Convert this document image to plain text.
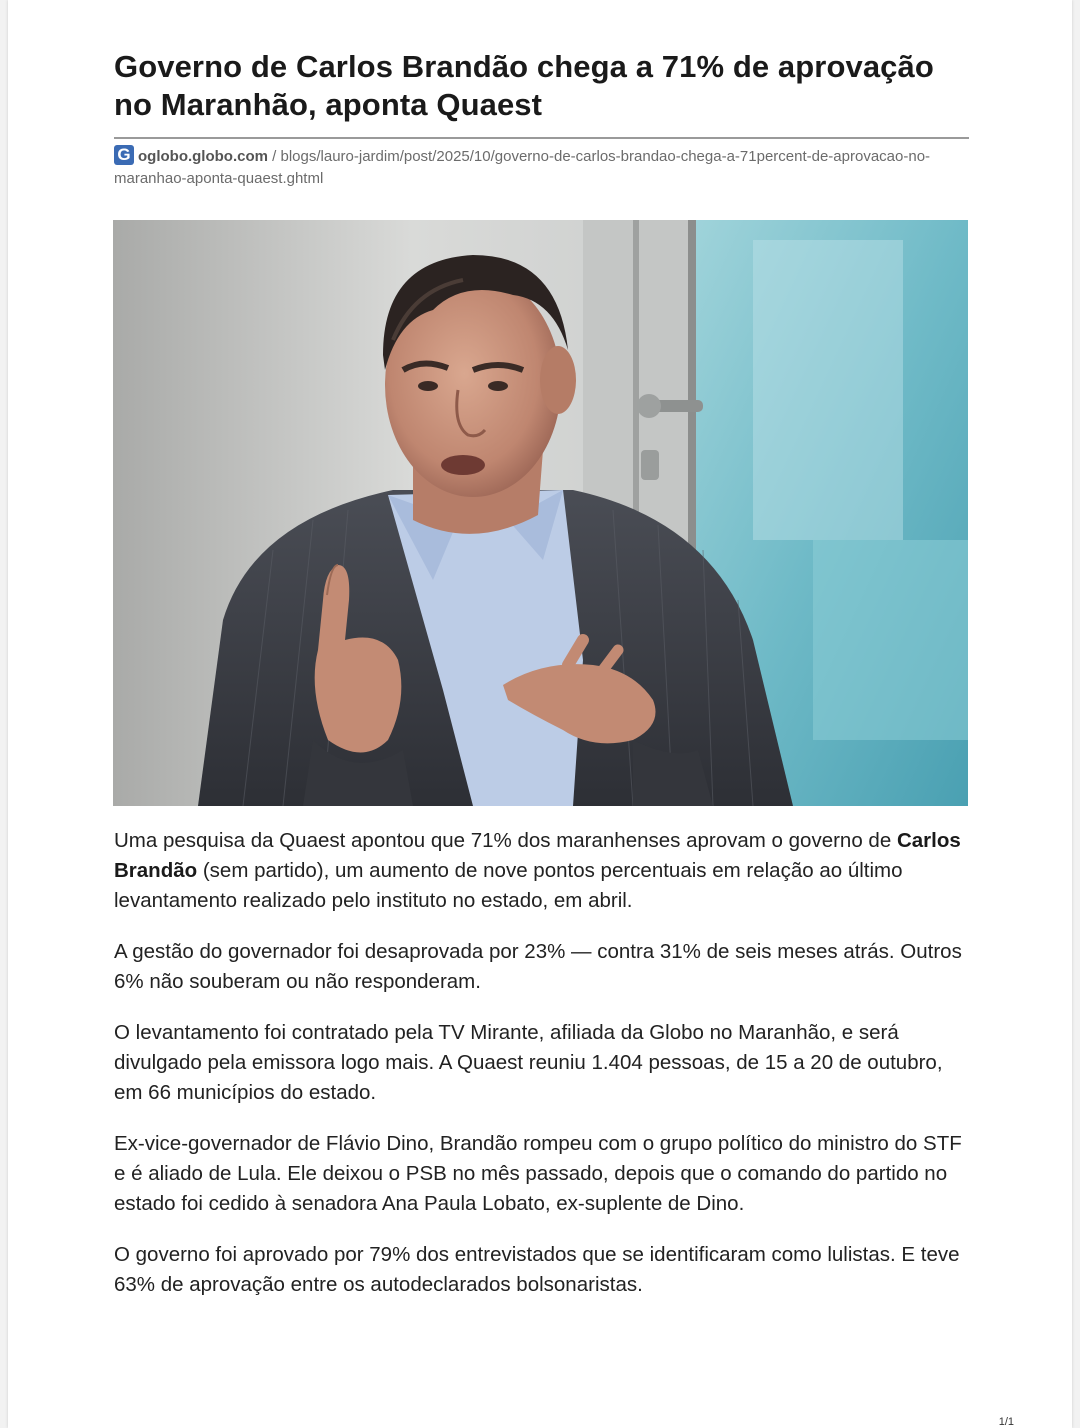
Governo de Carlos Brandão chega a 71% de aprovação no Maranhão, aponta Quaest
G oglobo.globo.com / blogs/lauro-jardim/post/2025/10/governo-de-carlos-brandao-chega-a-71percent-de-aprovacao-no-maranhao-aponta-quaest.ghtml

Uma pesquisa da Quaest apontou que 71% dos maranhenses aprovam o governo de Carlos Brandão (sem partido), um aumento de nove pontos percentuais em relação ao último levantamento realizado pelo instituto no estado, em abril.

A gestão do governador foi desaprovada por 23% — contra 31% de seis meses atrás. Outros 6% não souberam ou não responderam.

O levantamento foi contratado pela TV Mirante, afiliada da Globo no Maranhão, e será divulgado pela emissora logo mais. A Quaest reuniu 1.404 pessoas, de 15 a 20 de outubro, em 66 municípios do estado.

Ex-vice-governador de Flávio Dino, Brandão rompeu com o grupo político do ministro do STF e é aliado de Lula. Ele deixou o PSB no mês passado, depois que o comando do partido no estado foi cedido à senadora Ana Paula Lobato, ex-suplente de Dino.

O governo foi aprovado por 79% dos entrevistados que se identificaram como lulistas. E teve 63% de aprovação entre os autodeclarados bolsonaristas.

1/1
